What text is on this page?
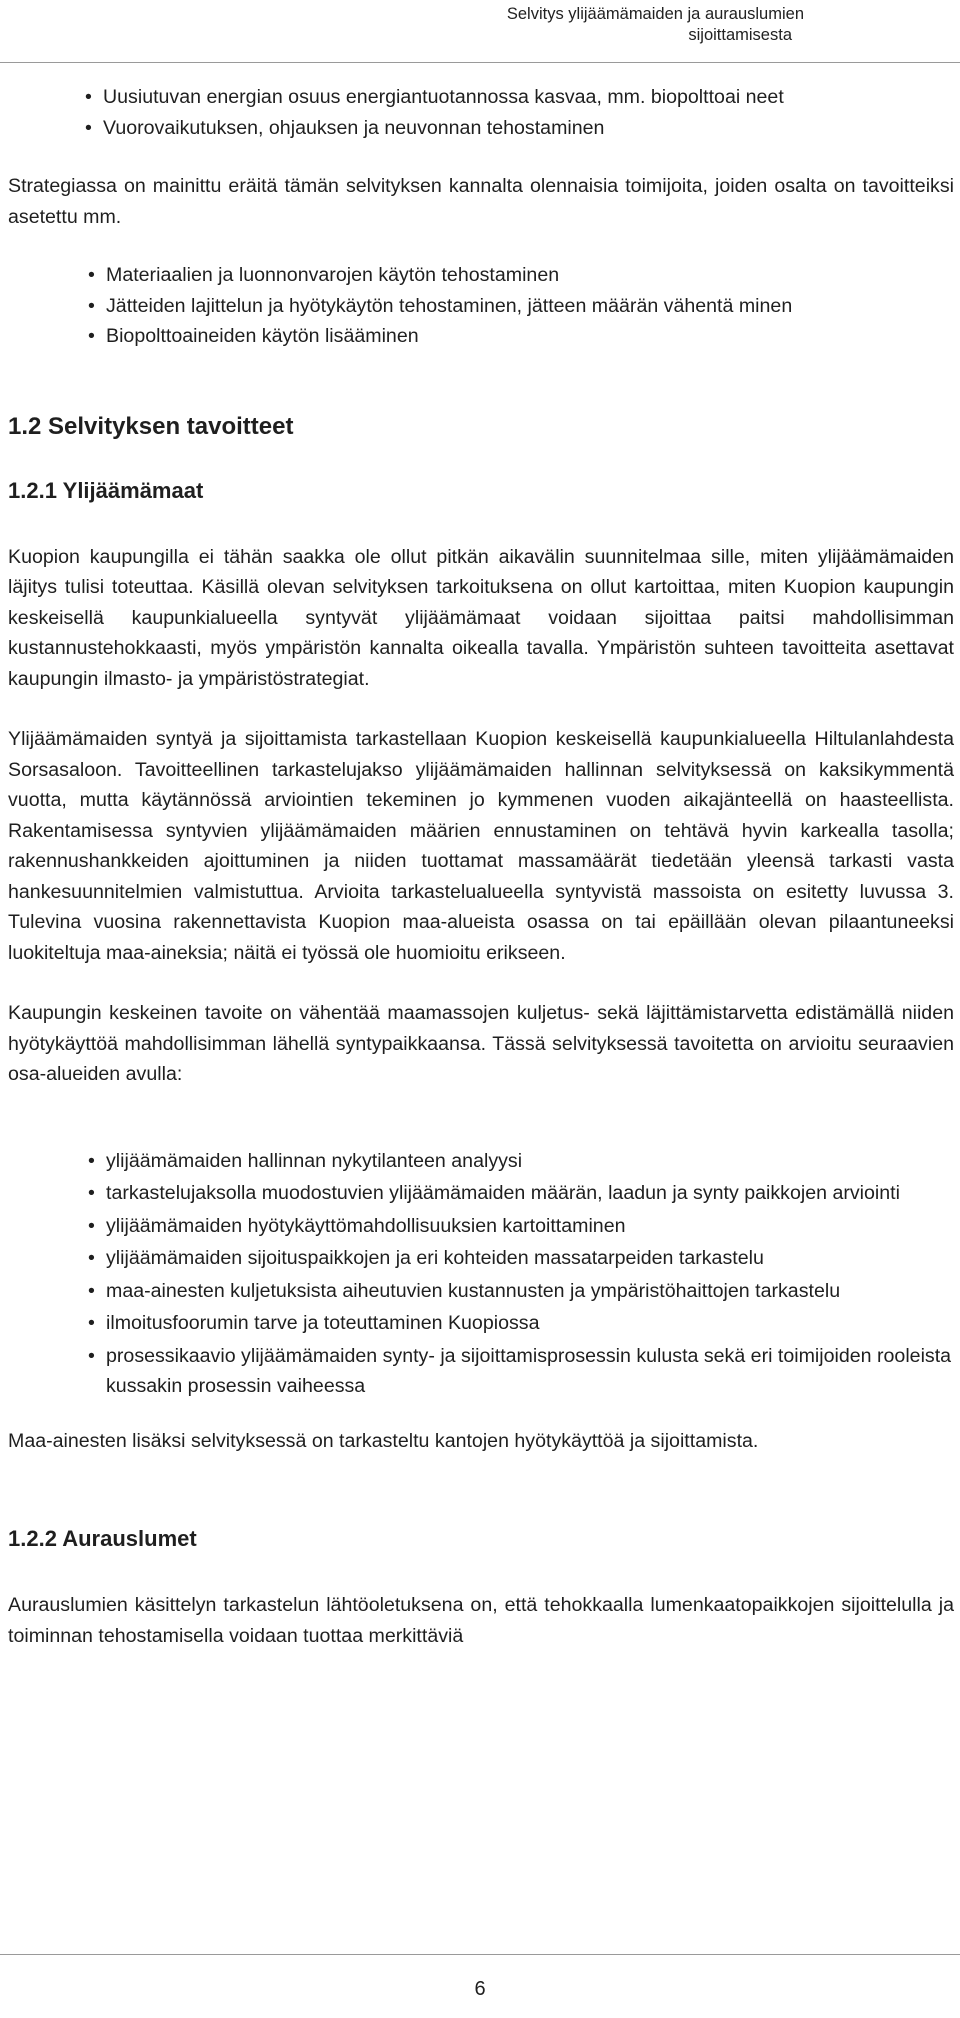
Selvitys ylijäämämaiden ja aurauslumien
sijoittamisesta
• Uusiutuvan energian osuus energiantuotannossa kasvaa, mm. biopolttoai neet
• Vuorovaikutuksen, ohjauksen ja neuvonnan tehostaminen

Strategiassa on mainittu eräitä tämän selvityksen kannalta olennaisia toimijoita, joiden osalta on tavoitteiksi asetettu mm.

• Materiaalien ja luonnonvarojen käytön tehostaminen
• Jätteiden lajittelun ja hyötykäytön tehostaminen, jätteen määrän vähentä minen
• Biopolttoaineiden käytön lisääminen
1.2 Selvityksen tavoitteet
1.2.1 Ylijäämämaat

Kuopion kaupungilla ei tähän saakka ole ollut pitkän aikavälin suunnitelmaa sille, miten ylijäämämaiden läjitys tulisi toteuttaa. Käsillä olevan selvityksen tarkoituksena on ollut kartoittaa, miten Kuopion kaupungin keskeisellä kaupunkialueella syntyvät ylijäämämaat voidaan sijoittaa paitsi mahdollisimman kustannustehokkaasti, myös ympäristön kannalta oikealla tavalla. Ympäristön suhteen tavoitteita asettavat kaupungin ilmasto- ja ympäristöstrategiat.

Ylijäämämaiden syntyä ja sijoittamista tarkastellaan Kuopion keskeisellä kaupunkialueella Hiltulanlahdesta Sorsasaloon. Tavoitteellinen tarkastelujakso ylijäämämaiden hallinnan selvityksessä on kaksikymmentä vuotta, mutta käytännössä arviointien tekeminen jo kymmenen vuoden aikajänteellä on haasteellista. Rakentamisessa syntyvien ylijäämämaiden määrien ennustaminen on tehtävä hyvin karkealla tasolla; rakennushankkeiden ajoittuminen ja niiden tuottamat massamäärät tiedetään yleensä tarkasti vasta hankesuunnitelmien valmistuttua. Arvioita tarkastelualueella syntyvistä massoista on esitetty luvussa 3. Tulevina vuosina rakennettavista Kuopion maa-alueista osassa on tai epäillään olevan pilaantuneeksi luokiteltuja maa-aineksia; näitä ei työssä ole huomioitu erikseen.

Kaupungin keskeinen tavoite on vähentää maamassojen kuljetus- sekä läjittämistarvetta edistämällä niiden hyötykäyttöä mahdollisimman lähellä syntypaikkaansa. Tässä selvityksessä tavoitetta on arvioitu seuraavien osa-alueiden avulla:

• ylijäämämaiden hallinnan nykytilanteen analyysi
• tarkastelujaksolla muodostuvien ylijäämämaiden määrän, laadun ja synty paikkojen arviointi
• ylijäämämaiden hyötykäyttömahdollisuuksien kartoittaminen
• ylijäämämaiden sijoituspaikkojen ja eri kohteiden massatarpeiden tarkastelu
• maa-ainesten kuljetuksista aiheutuvien kustannusten ja ympäristöhaittojen tarkastelu
• ilmoitusfoorumin tarve ja toteuttaminen Kuopiossa
• prosessikaavio ylijäämämaiden synty- ja sijoittamisprosessin kulusta sekä eri toimijoiden rooleista kussakin prosessin vaiheessa

Maa-ainesten lisäksi selvityksessä on tarkasteltu kantojen hyötykäyttöä ja sijoittamista.

1.2.2 Aurauslumet

Aurauslumien käsittelyn tarkastelun lähtöoletuksena on, että tehokkaalla lumenkaatopaikkojen sijoittelulla ja toiminnan tehostamisella voidaan tuottaa merkittäviä

6
